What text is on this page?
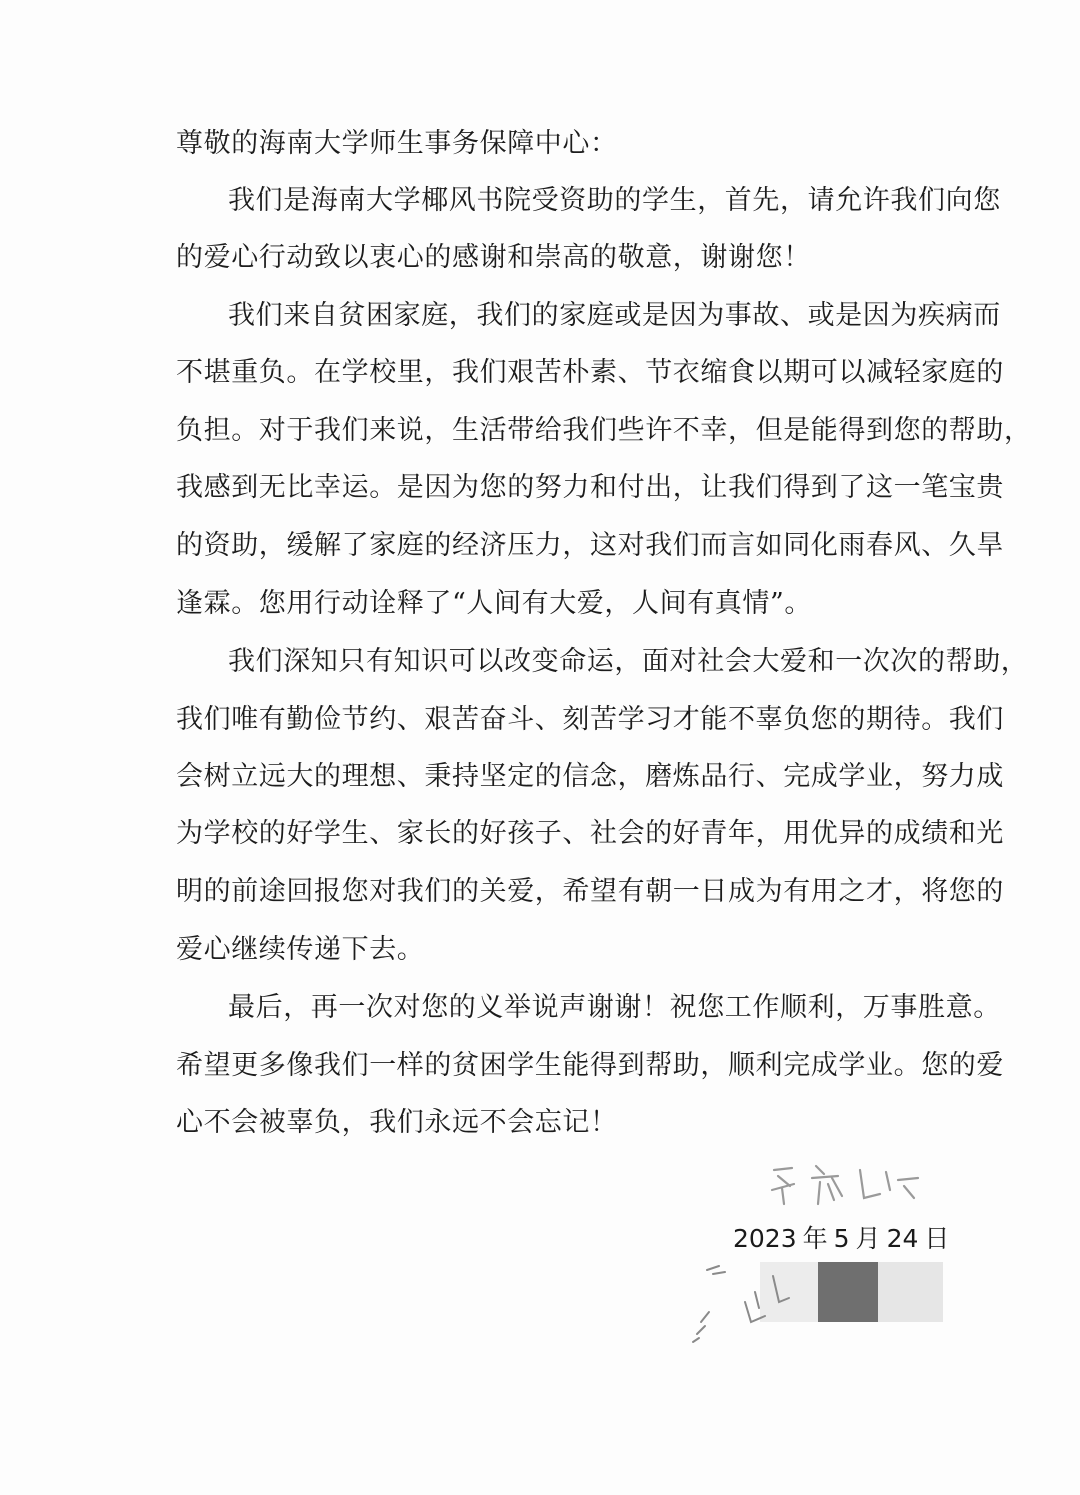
尊敬的海南大学师生事务保障中心：
我们是海南大学椰风书院受资助的学生，首先，请允许我们向您
的爱心行动致以衷心的感谢和崇高的敬意，谢谢您！
我们来自贫困家庭，我们的家庭或是因为事故、或是因为疾病而
不堪重负。在学校里，我们艰苦朴素、节衣缩食以期可以减轻家庭的
负担。对于我们来说，生活带给我们些许不幸，但是能得到您的帮助，
我感到无比幸运。是因为您的努力和付出，让我们得到了这一笔宝贵
的资助，缓解了家庭的经济压力，这对我们而言如同化雨春风、久旱
逢霖。您用行动诠释了“人间有大爱，人间有真情”。
我们深知只有知识可以改变命运，面对社会大爱和一次次的帮助，
我们唯有勤俭节约、艰苦奋斗、刻苦学习才能不辜负您的期待。我们
会树立远大的理想、秉持坚定的信念，磨炼品行、完成学业，努力成
为学校的好学生、家长的好孩子、社会的好青年，用优异的成绩和光
明的前途回报您对我们的关爱，希望有朝一日成为有用之才，将您的
爱心继续传递下去。
最后，再一次对您的义举说声谢谢！祝您工作顺利，万事胜意。
希望更多像我们一样的贫困学生能得到帮助，顺利完成学业。您的爱
心不会被辜负，我们永远不会忘记！
2023 年 5 月 24 日
